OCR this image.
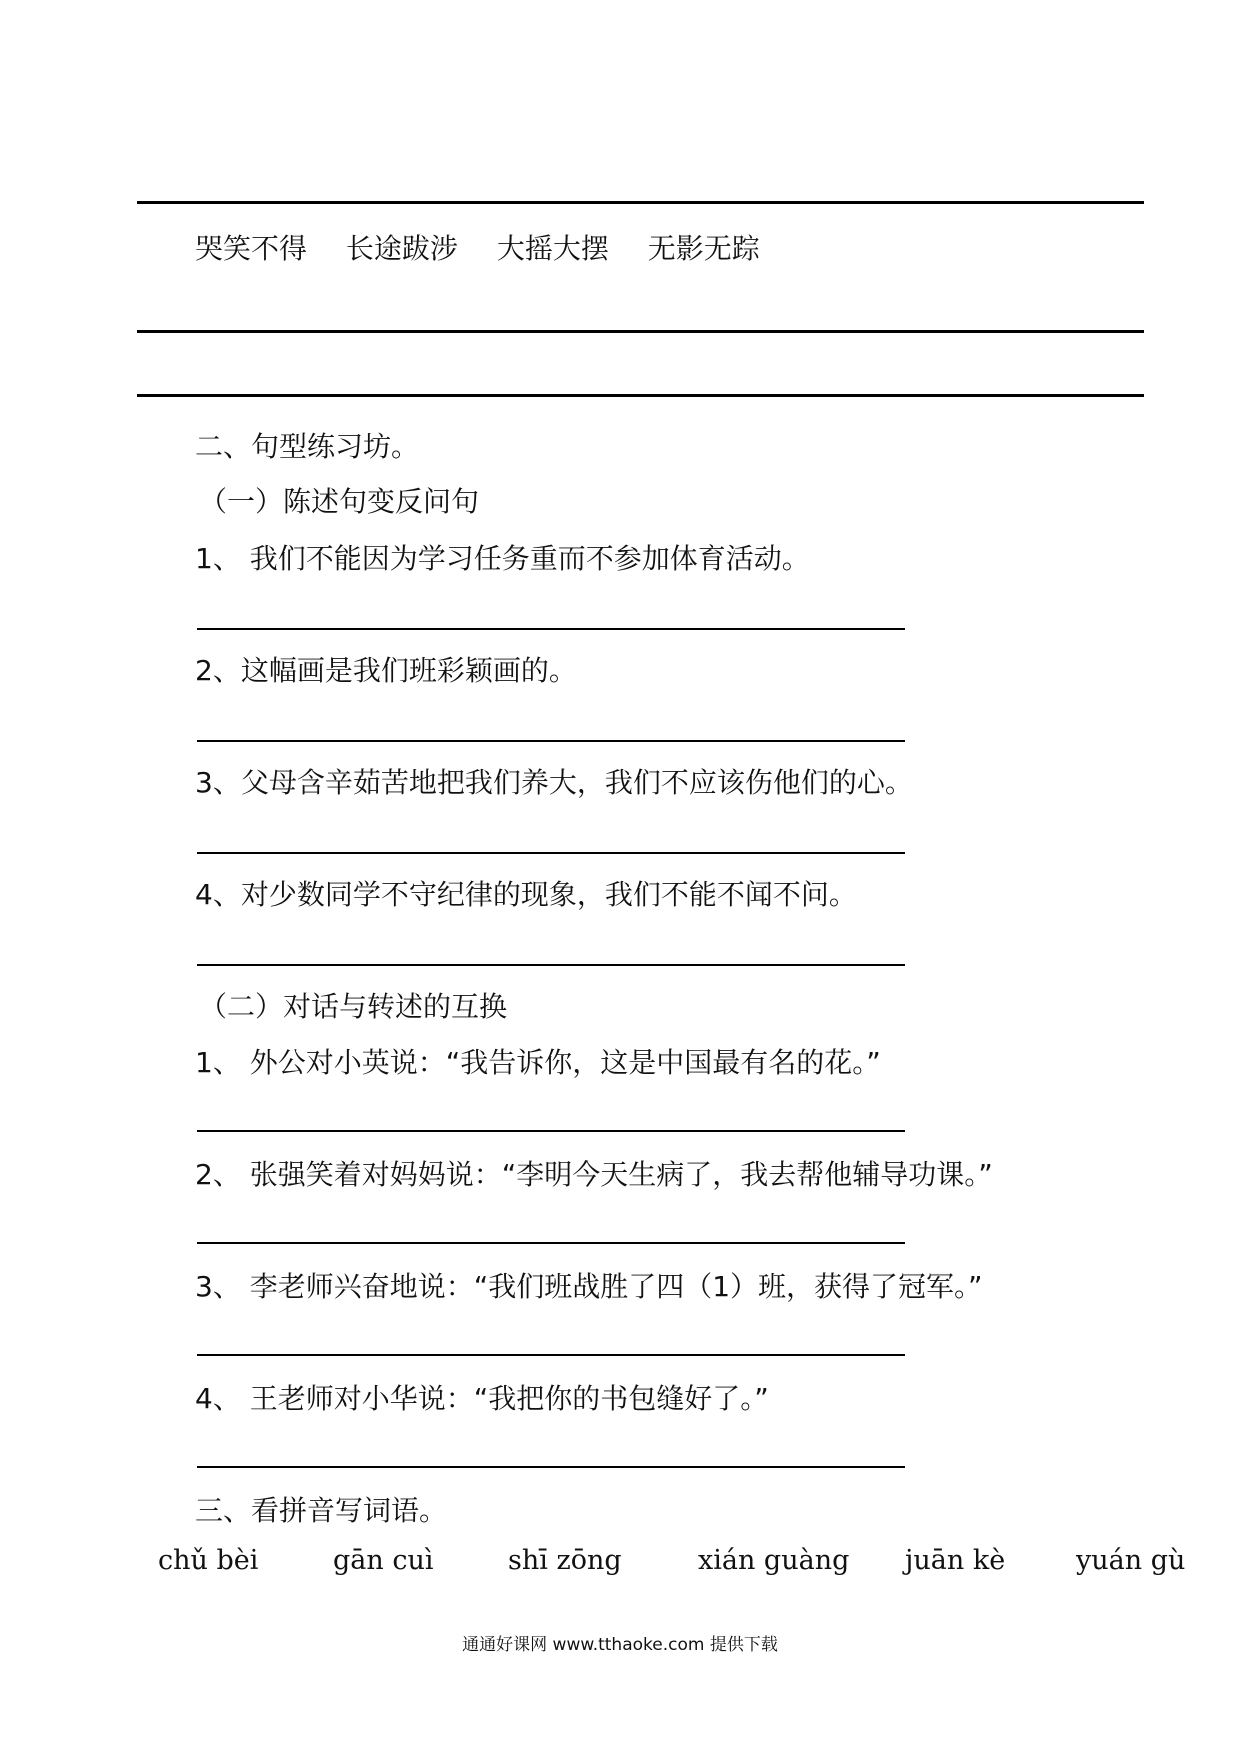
哭笑不得 长途跋涉 大摇大摆 无影无踪
二、句型练习坊。
（一）陈述句变反问句
1、 我们不能因为学习任务重而不参加体育活动。
2、这幅画是我们班彩颖画的。
3、父母含辛茹苦地把我们养大，我们不应该伤他们的心。
4、对少数同学不守纪律的现象，我们不能不闻不问。
（二）对话与转述的互换
1、 外公对小英说：“我告诉你，这是中国最有名的花。”
2、 张强笑着对妈妈说：“李明今天生病了，我去帮他辅导功课。”
3、 李老师兴奋地说：“我们班战胜了四（1）班，获得了冠军。”
4、 王老师对小华说：“我把你的书包缝好了。”
三、看拼音写词语。
chǔ bèi	gān cuì	shī zōng	xián guàng juān kè	yuán gù
通通好课网 www.tthaoke.com 提供下载
